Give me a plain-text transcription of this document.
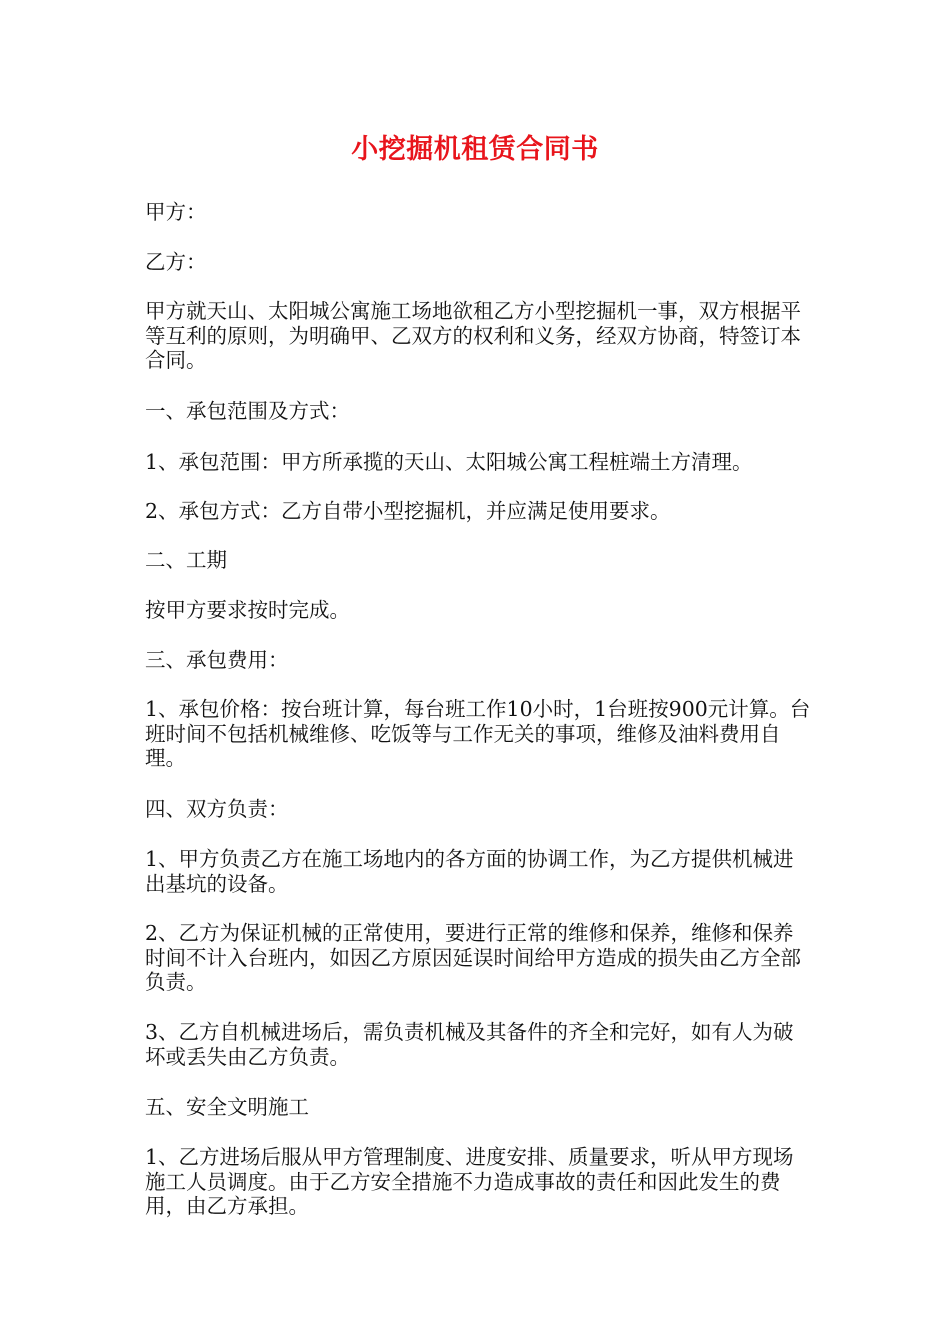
小挖掘机租赁合同书

甲方：

乙方：

甲方就天山、太阳城公寓施工场地欲租乙方小型挖掘机一事，双方根据平等互利的原则，为明确甲、乙双方的权利和义务，经双方协商，特签订本合同。

一、承包范围及方式：

1、承包范围：甲方所承揽的天山、太阳城公寓工程桩端土方清理。

2、承包方式：乙方自带小型挖掘机，并应满足使用要求。

二、工期

按甲方要求按时完成。

三、承包费用：

1、承包价格：按台班计算，每台班工作10小时，1台班按900元计算。台班时间不包括机械维修、吃饭等与工作无关的事项，维修及油料费用自理。

四、双方负责：

1、甲方负责乙方在施工场地内的各方面的协调工作，为乙方提供机械进出基坑的设备。

2、乙方为保证机械的正常使用，要进行正常的维修和保养，维修和保养时间不计入台班内，如因乙方原因延误时间给甲方造成的损失由乙方全部负责。

3、乙方自机械进场后，需负责机械及其备件的齐全和完好，如有人为破坏或丢失由乙方负责。

五、安全文明施工

1、乙方进场后服从甲方管理制度、进度安排、质量要求，听从甲方现场施工人员调度。由于乙方安全措施不力造成事故的责任和因此发生的费用，由乙方承担。
